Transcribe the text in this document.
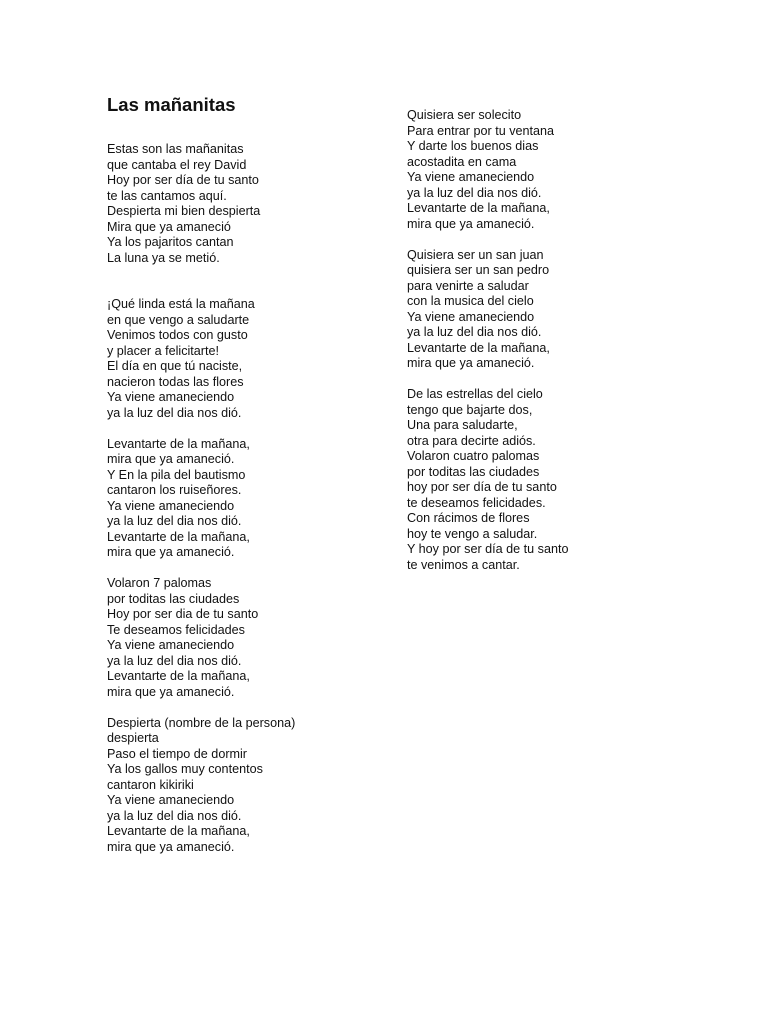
Las mañanitas
Estas son las mañanitas
que cantaba el rey David
Hoy por ser día de tu santo
te las cantamos aquí.
Despierta mi bien despierta
Mira que ya amaneció
Ya los pajaritos cantan
La luna ya se metió.
¡Qué linda está la mañana
en que vengo a saludarte
Venimos todos con gusto
y placer a felicitarte!
El día en que tú naciste,
nacieron todas las flores
Ya viene amaneciendo
ya la luz del dia nos dió.
Levantarte de la mañana,
mira que ya amaneció.
Y En la pila del bautismo
cantaron los ruiseñores.
Ya viene amaneciendo
ya la luz del dia nos dió.
Levantarte de la mañana,
mira que ya amaneció.
Volaron 7 palomas
por toditas las ciudades
Hoy por ser dia de tu santo
Te deseamos felicidades
Ya viene amaneciendo
ya la luz del dia nos dió.
Levantarte de la mañana,
mira que ya amaneció.
Despierta (nombre de la persona)
despierta
Paso el tiempo de dormir
Ya los gallos muy contentos
cantaron kikiriki
Ya viene amaneciendo
ya la luz del dia nos dió.
Levantarte de la mañana,
mira que ya amaneció.
Quisiera ser solecito
Para entrar por tu ventana
Y darte los buenos dias
acostadita en cama
Ya viene amaneciendo
ya la luz del dia nos dió.
Levantarte de la mañana,
mira que ya amaneció.
Quisiera ser un san juan
quisiera ser un san pedro
para venirte a saludar
con la musica del cielo
Ya viene amaneciendo
ya la luz del dia nos dió.
Levantarte de la mañana,
mira que ya amaneció.
De las estrellas del cielo
tengo que bajarte dos,
Una para saludarte,
otra para decirte adiós.
Volaron cuatro palomas
por toditas las ciudades
hoy por ser día de tu santo
te deseamos felicidades.
Con rácimos de flores
hoy te vengo a saludar.
Y hoy por ser día de tu santo
te venimos a cantar.
